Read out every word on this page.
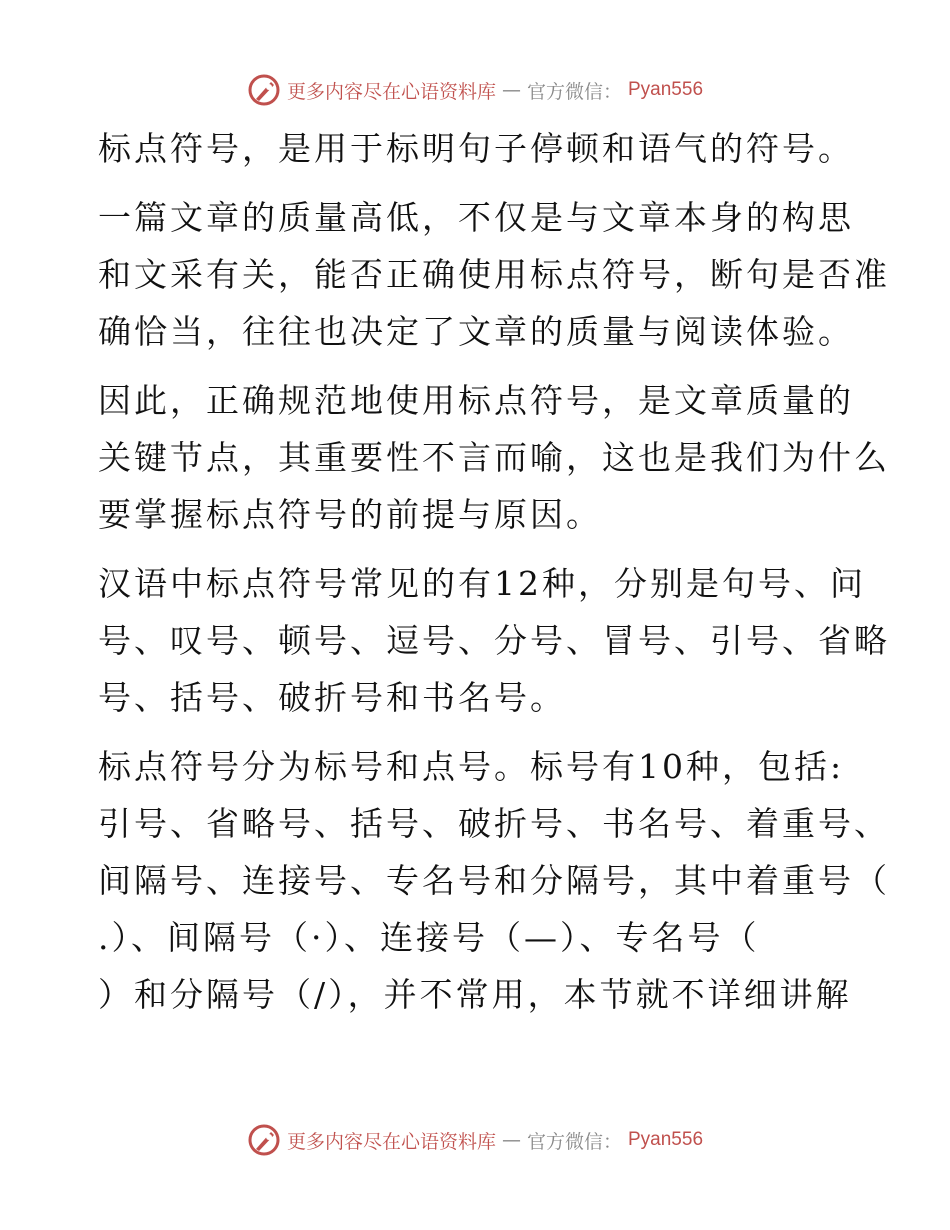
更多内容尽在心语资料库 — 官方微信： Pyan556
标点符号，是用于标明句子停顿和语气的符号。
一篇文章的质量高低，不仅是与文章本身的构思
和文采有关，能否正确使用标点符号，断句是否准
确恰当，往往也决定了文章的质量与阅读体验。
因此，正确规范地使用标点符号，是文章质量的
关键节点，其重要性不言而喻，这也是我们为什么
要掌握标点符号的前提与原因。
汉语中标点符号常见的有12种，分别是句号、问
号、叹号、顿号、逗号、分号、冒号、引号、省略
号、括号、破折号和书名号。
标点符号分为标号和点号。标号有10种，包括:
引号、省略号、括号、破折号、书名号、着重号、
间隔号、连接号、专名号和分隔号，其中着重号（
.）、间隔号（·）、连接号（—）、专名号（
）和分隔号（/），并不常用，本节就不详细讲解
更多内容尽在心语资料库 — 官方微信： Pyan556
